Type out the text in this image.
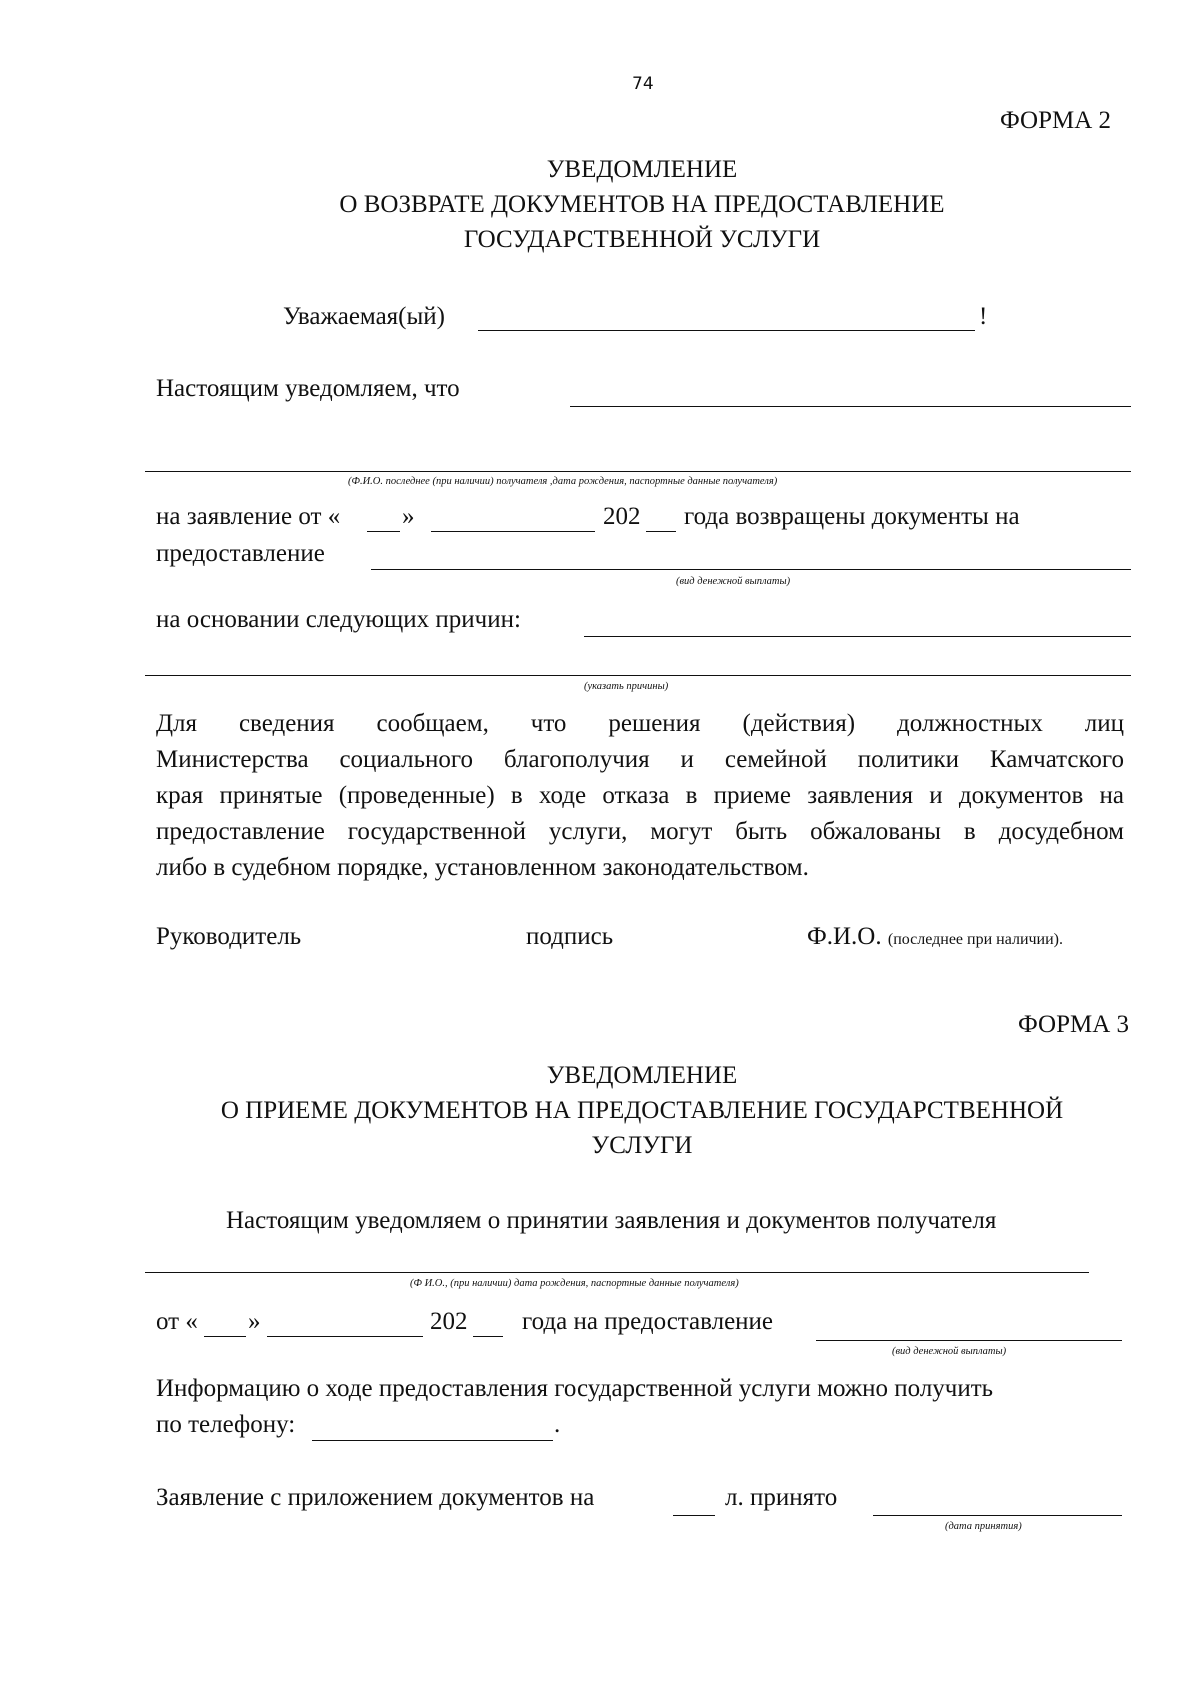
74
ФОРМА 2
УВЕДОМЛЕНИЕ
О ВОЗВРАТЕ ДОКУМЕНТОВ НА ПРЕДОСТАВЛЕНИЕ
ГОСУДАРСТВЕННОЙ УСЛУГИ
Уважаемая(ый)	!
Настоящим уведомляем, что
(Ф.И.О. последнее (при наличии) получателя ,дата рождения, паспортные данные получателя)
на заявление от « »	202 года возвращены документы на
предоставление
(вид денежной выплаты)
на основании следующих причин:
(указать причины)
Для сведения сообщаем, что решения (действия) должностных лиц
Министерства социального благополучия и семейной политики Камчатского
края принятые (проведенные) в ходе отказа в приеме заявления и документов на
предоставление государственной услуги, могут быть обжалованы в досудебном
либо в судебном порядке, установленном законодательством.
Руководитель	подпись	Ф.И.О. (последнее при наличии).
ФОРМА 3
УВЕДОМЛЕНИЕ
О ПРИЕМЕ ДОКУМЕНТОВ НА ПРЕДОСТАВЛЕНИЕ ГОСУДАРСТВЕННОЙ
УСЛУГИ
Настоящим уведомляем о принятии заявления и документов получателя
(Ф И.О., (при наличии) дата рождения, паспортные данные получателя)
от « »	202 года на предоставление
(вид денежной выплаты)
Информацию о ходе предоставления государственной услуги можно получить
по телефону:	.
Заявление с приложением документов на	л. принято
(дата принятия)
